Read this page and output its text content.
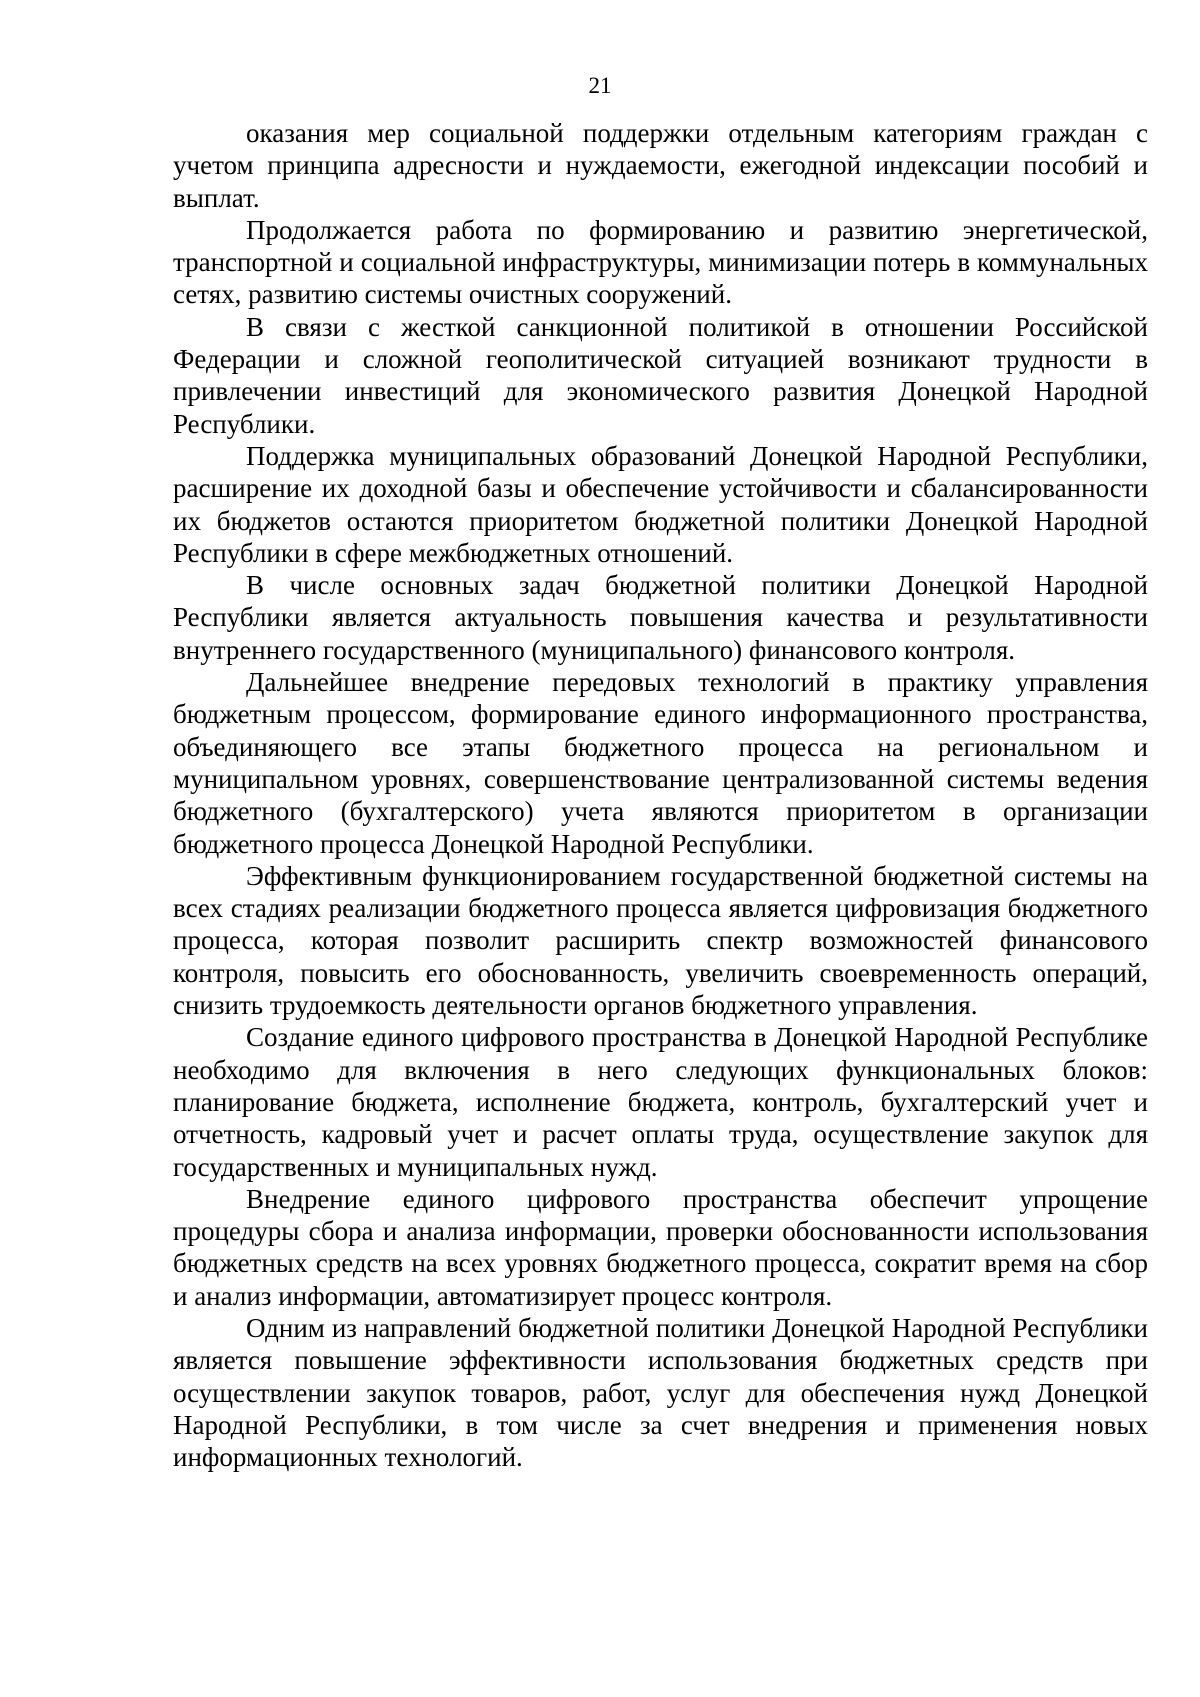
21

оказания мер социальной поддержки отдельным категориям граждан с учетом принципа адресности и нуждаемости, ежегодной индексации пособий и выплат.

Продолжается работа по формированию и развитию энергетической, транспортной и социальной инфраструктуры, минимизации потерь в коммунальных сетях, развитию системы очистных сооружений.

В связи с жесткой санкционной политикой в отношении Российской Федерации и сложной геополитической ситуацией возникают трудности в привлечении инвестиций для экономического развития Донецкой Народной Республики.

Поддержка муниципальных образований Донецкой Народной Республики, расширение их доходной базы и обеспечение устойчивости и сбалансированности их бюджетов остаются приоритетом бюджетной политики Донецкой Народной Республики в сфере межбюджетных отношений.

В числе основных задач бюджетной политики Донецкой Народной Республики является актуальность повышения качества и результативности внутреннего государственного (муниципального) финансового контроля.

Дальнейшее внедрение передовых технологий в практику управления бюджетным процессом, формирование единого информационного пространства, объединяющего все этапы бюджетного процесса на региональном и муниципальном уровнях, совершенствование централизованной системы ведения бюджетного (бухгалтерского) учета являются приоритетом в организации бюджетного процесса Донецкой Народной Республики.

Эффективным функционированием государственной бюджетной системы на всех стадиях реализации бюджетного процесса является цифровизация бюджетного процесса, которая позволит расширить спектр возможностей финансового контроля, повысить его обоснованность, увеличить своевременность операций, снизить трудоемкость деятельности органов бюджетного управления.

Создание единого цифрового пространства в Донецкой Народной Республике необходимо для включения в него следующих функциональных блоков: планирование бюджета, исполнение бюджета, контроль, бухгалтерский учет и отчетность, кадровый учет и расчет оплаты труда, осуществление закупок для государственных и муниципальных нужд.

Внедрение единого цифрового пространства обеспечит упрощение процедуры сбора и анализа информации, проверки обоснованности использования бюджетных средств на всех уровнях бюджетного процесса, сократит время на сбор и анализ информации, автоматизирует процесс контроля.

Одним из направлений бюджетной политики Донецкой Народной Республики является повышение эффективности использования бюджетных средств при осуществлении закупок товаров, работ, услуг для обеспечения нужд Донецкой Народной Республики, в том числе за счет внедрения и применения новых информационных технологий.
